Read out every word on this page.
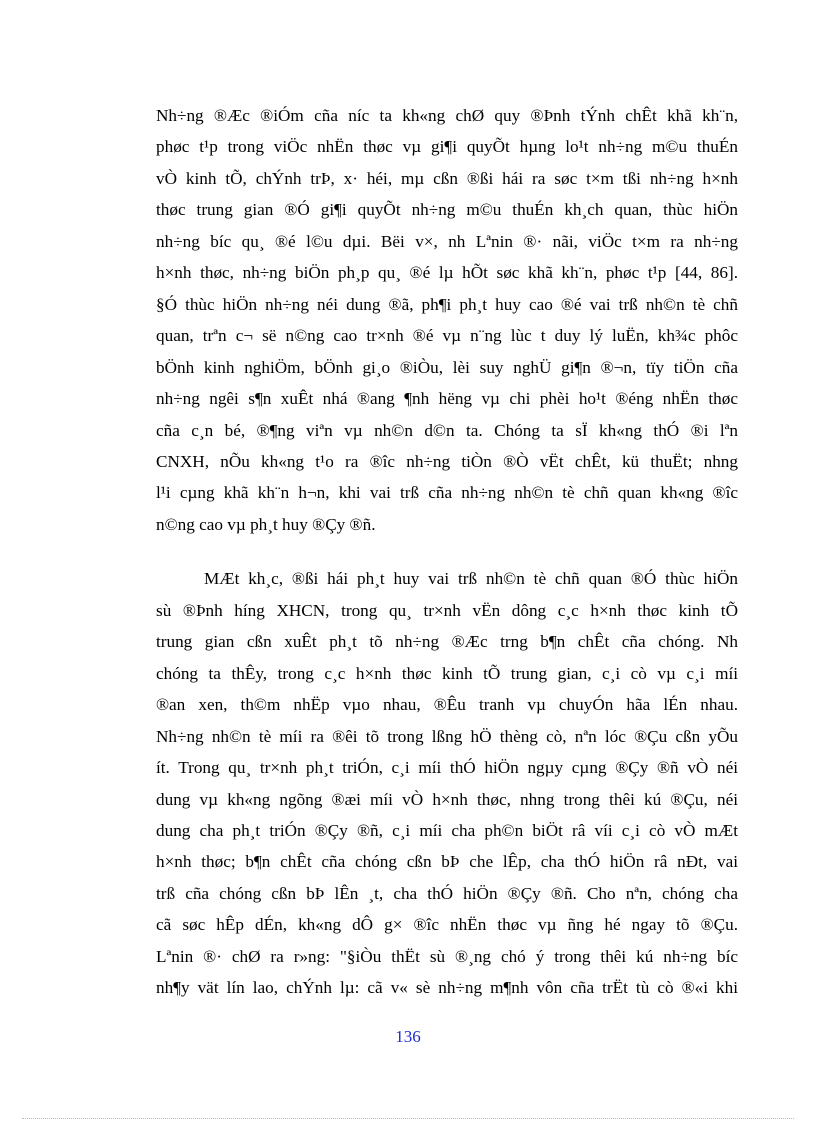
Nh÷ng ®Æc ®iÓm cña níc ta kh«ng chØ quy ®Þnh tÝnh chÊt khã kh¨n,
phøc t¹p trong viÖc nhËn thøc vµ gi¶i quyÕt hµng lo¹t nh÷ng m©u thuÉn
vÒ kinh tÕ, chÝnh trÞ, x· héi, mµ cßn ®ßi hái ra søc t×m tßi nh÷ng h×nh
thøc trung gian ®Ó gi¶i quyÕt nh÷ng m©u thuÉn kh¸ch quan, thùc hiÖn
nh÷ng bíc qu¸ ®é l©u dµi. Bëi v×, nh Lªnin ®· nãi, viÖc t×m ra nh÷ng
h×nh thøc, nh÷ng biÖn ph¸p qu¸ ®é lµ hÕt søc khã kh¨n, phøc t¹p [44, 86].
§Ó thùc hiÖn nh÷ng néi dung ®ã, ph¶i ph¸t huy cao ®é vai trß nh©n tè chñ
quan, trªn c¬ së n©ng cao tr×nh ®é vµ n¨ng lùc t duy lý luËn, kh¾c phôc
bÖnh kinh nghiÖm, bÖnh gi¸o ®iÒu, lèi suy nghÜ gi¶n ®¬n, tïy tiÖn cña
nh÷ng ngêi s¶n xuÊt nhá ®ang ¶nh hëng vµ chi phèi ho¹t ®éng nhËn thøc
cña c¸n bé, ®¶ng viªn vµ nh©n d©n ta. Chóng ta sÏ kh«ng thÓ ®i lªn
CNXH, nÕu kh«ng t¹o ra ®îc nh÷ng tiÒn ®Ò vËt chÊt, kü thuËt; nhng
l¹i cµng khã kh¨n h¬n, khi vai trß cña nh÷ng nh©n tè chñ quan kh«ng ®îc
n©ng cao vµ ph¸t huy ®Çy ®ñ.

MÆt kh¸c, ®ßi hái ph¸t huy vai trß nh©n tè chñ quan ®Ó thùc hiÖn
sù ®Þnh híng XHCN, trong qu¸ tr×nh vËn dông c¸c h×nh thøc kinh tÕ
trung gian cßn xuÊt ph¸t tõ nh÷ng ®Æc trng b¶n chÊt cña chóng. Nh
chóng ta thÊy, trong c¸c h×nh thøc kinh tÕ trung gian, c¸i cò vµ c¸i míi
®an xen, th©m nhËp vµo nhau, ®Êu tranh vµ chuyÓn hãa lÉn nhau.
Nh÷ng nh©n tè míi ra ®êi tõ trong lßng hÖ thèng cò, nªn lóc ®Çu cßn yÕu
ít. Trong qu¸ tr×nh ph¸t triÓn, c¸i míi thÓ hiÖn ngµy cµng ®Çy ®ñ vÒ néi
dung vµ kh«ng ngõng ®æi míi vÒ h×nh thøc, nhng trong thêi kú ®Çu, néi
dung cha ph¸t triÓn ®Çy ®ñ, c¸i míi cha ph©n biÖt râ víi c¸i cò vÒ mÆt
h×nh thøc; b¶n chÊt cña chóng cßn bÞ che lÊp, cha thÓ hiÖn râ nÐt, vai
trß cña chóng cßn bÞ lÊn ¸t, cha thÓ hiÖn ®Çy ®ñ. Cho nªn, chóng cha
cã søc hÊp dÉn, kh«ng dÔ g× ®îc nhËn thøc vµ ñng hé ngay tõ ®Çu.
Lªnin ®· chØ ra r»ng: "§iÒu thËt sù ®¸ng chó ý trong thêi kú nh÷ng bíc
nh¶y vät lín lao, chÝnh lµ: cã v« sè nh÷ng m¶nh vôn cña trËt tù cò ®«i khi

136
